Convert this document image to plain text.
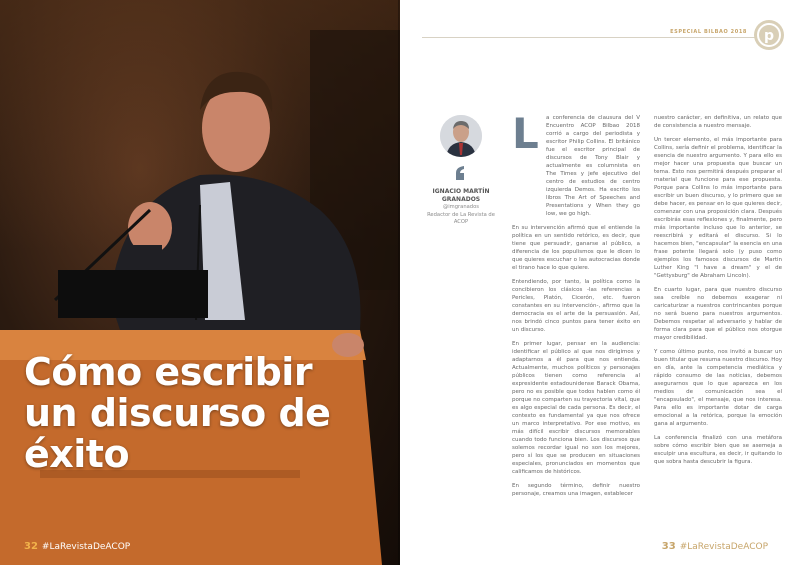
Cómo escribir
un discurso de
éxito
32 #LaRevistaDeACOP
ESPECIAL BILBAO 2018 p
IGNACIO MARTÍN GRANADOS
@imgranados
Redactor de La Revista de ACOP
L	a conferencia de clausura del V Encuentro ACOP Bilbao 2018 corrió a cargo del periodista y escritor Philip Collins. El británico fue el escritor principal de discursos de Tony Blair y actualmente es columnista en The Times y jefe ejecutivo del centro de estudios de centro izquierda Demos. Ha escrito los libros The Art of Speeches and Presentations y When they go low, we go high.

En su intervención afirmó que el entiende la política en un sentido retórico, es decir, que tiene que persuadir, ganarse al público, a diferencia de los populismos que le dicen lo que quieres escuchar o las autocracias donde el tirano hace lo que quiere.

Entendiendo, por tanto, la política como la concibieron los clásicos -las referencias a Pericles, Platón, Cicerón, etc. fueron constantes en su intervención-, afirmo que la democracia es el arte de la persuasión. Así, nos brindó cinco puntos para tener éxito en un discurso.

En primer lugar, pensar en la audiencia: identificar el público al que nos dirigimos y adaptarnos a él para que nos entienda. Actualmente, muchos políticos y personajes públicos tienen como referencia al expresidente estadounidense Barack Obama, pero no es posible que todos hablen como él porque no comparten su trayectoria vital, que es algo especial de cada persona. Es decir, el contexto es fundamental ya que nos ofrece un marco interpretativo. Por ese motivo, es más difícil escribir discursos memorables cuando todo funciona bien. Los discursos que solemos recordar igual no son los mejores, pero sí los que se producen en situaciones especiales, pronunciados en momentos que calificamos de históricos.

En segundo término, definir nuestro personaje, creamos una imagen, establecer

nuestro carácter, en definitiva, un relato que de consistencia a nuestro mensaje.

Un tercer elemento, el más importante para Collins, sería definir el problema, identificar la esencia de nuestro argumento. Y para ello es mejor hacer una propuesta que buscar un tema. Esto nos permitirá después preparar el material que funcione para ese propuesta. Porque para Collins lo más importante para escribir un buen discurso, y lo primero que se debe hacer, es pensar en lo que quieres decir, comenzar con una proposición clara. Después escribirás esas reflexiones y, finalmente, pero más importante incluso que lo anterior, se reescribirá y editará el discurso. Si lo hacemos bien, "encapsular" la esencia en una frase potente llegará solo (y puso como ejemplos los famosos discursos de Martin Luther King "I have a dream" y el de "Gettysburg" de Abraham Lincoln).

En cuarto lugar, para que nuestro discurso sea creíble no debemos exagerar ni caricaturizar a nuestros contrincantes porque no será bueno para nuestros argumentos. Debemos respetar al adversario y hablar de forma clara para que el público nos otorgue mayor credibilidad.

Y como último punto, nos invitó a buscar un buen titular que resuma nuestro discurso. Hoy en día, ante la competencia mediática y rápido consumo de las noticias, debemos asegurarnos que lo que aparezca en los medios de comunicación sea el "encapsulado", el mensaje, que nos interesa. Para ello es importante dotar de carga emocional a la retórica, porque la emoción gana al argumento.

La conferencia finalizó con una metáfora sobre cómo escribir bien que se asemeja a esculpir una escultura, es decir, ir quitando lo que sobra hasta descubrir la figura.

33 #LaRevistaDeACOP
